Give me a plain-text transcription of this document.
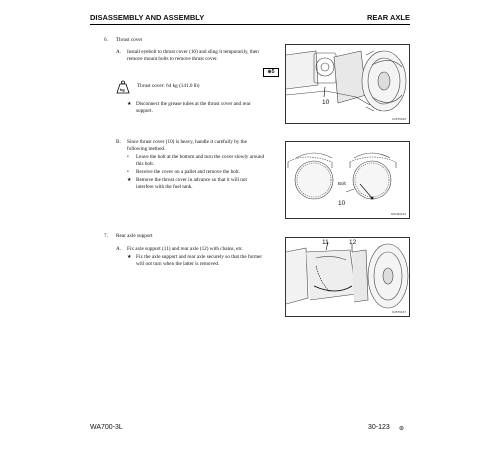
DISASSEMBLY AND ASSEMBLY	REAR AXLE
6. Thrust cover
A. Install eyebolt to thrust cover (10) and sling it temporarily, then
remove mount bolts to remove thrust cover.
⊕5
kg
Thrust cover: 64 kg (141.0 lb)
★ Disconnect the grease tubes at the thrust cover and rear
support.
10
K25T0166
B. Since thrust cover (10) is heavy, handle it carefully by the
following method.
• Leave the bolt at the bottom and turn the cover slowly around
this bolt.
• Receive the cover on a pallet and remove the bolt.
★ Remove the thrust cover in advance so that it will not
interfere with the fuel tank.
Bolt
10
DW492212
7. Rear axle support
A. Fix axle support (11) and rear axle (12) with chains, etc.
★ Fix the axle support and rear axle securely so that the former
will not turn when the latter is removed.
11	12
K25T0167
WA700-3L	30-123 ⊛
